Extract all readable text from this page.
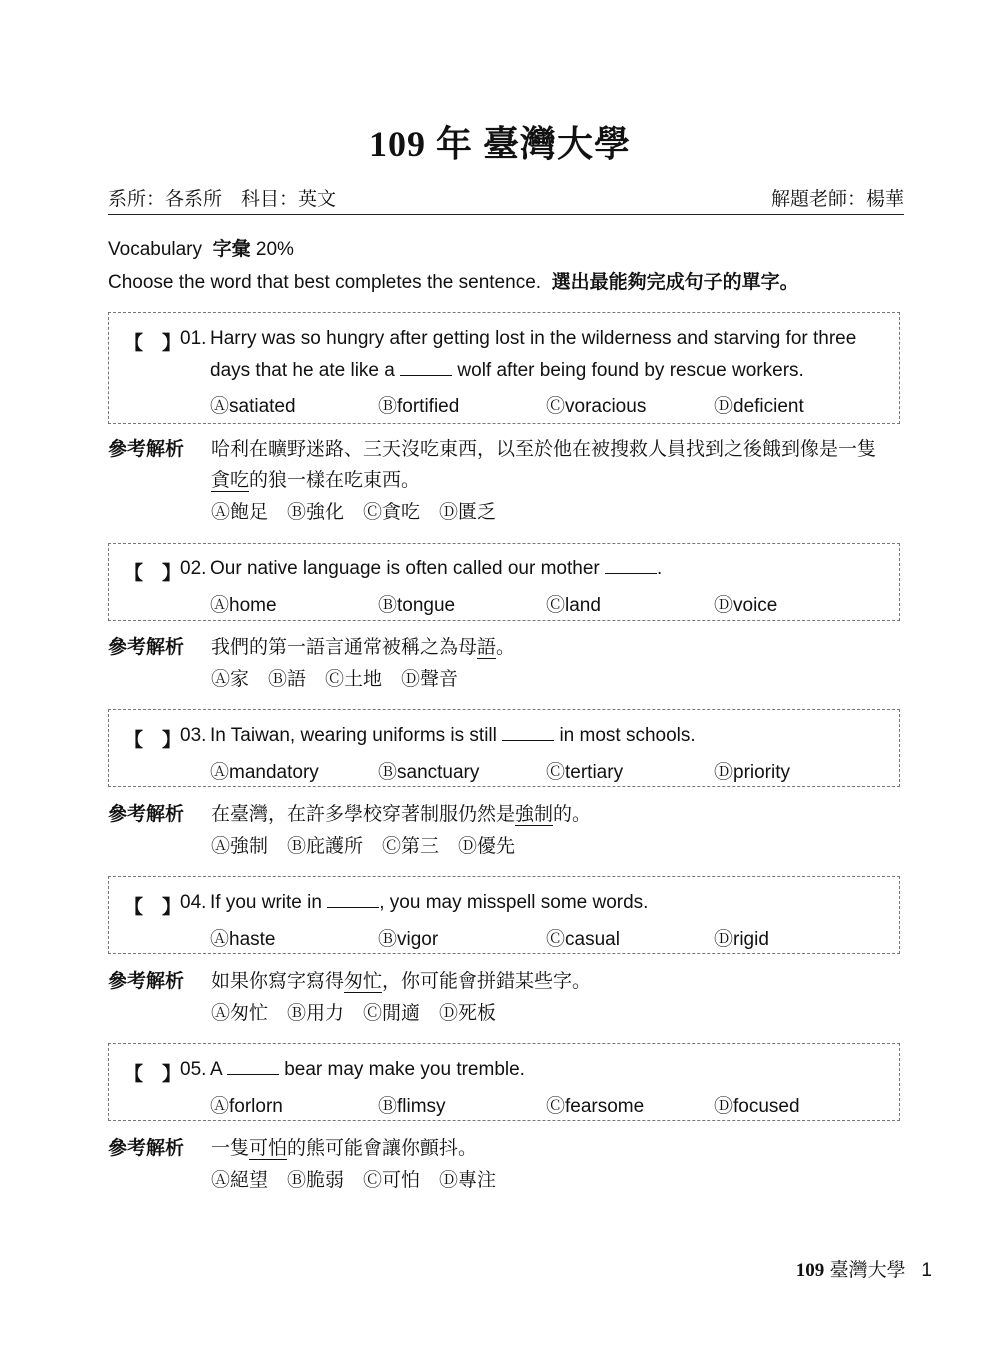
109 年 臺灣大學
系所：各系所　 科目：英文	解題老師：楊華
Vocabulary 字彙 20%
Choose the word that best completes the sentence. 選出最能夠完成句子的單字。
【　】
01. Harry was so hungry after getting lost in the wilderness and starving for three
days that he ate like a	wolf after being found by rescue workers.
Ⓐsatiated	Ⓑfortified	Ⓒvoracious	Ⓓdeficient
參考解析 哈利在曠野迷路、三天沒吃東西，以至於他在被搜救人員找到之後餓到像是一隻
貪吃的狼一樣在吃東西。
Ⓐ飽足　Ⓑ強化　Ⓒ貪吃　Ⓓ匱乏
【　】
02. Our native language is often called our mother	.
Ⓐhome	Ⓑtongue	Ⓒland	Ⓓvoice
參考解析 我們的第一語言通常被稱之為母語。
Ⓐ家　Ⓑ語　Ⓒ土地　Ⓓ聲音
【　】
03. In Taiwan, wearing uniforms is still	in most schools.
Ⓐmandatory	Ⓑsanctuary	Ⓒtertiary	Ⓓpriority
參考解析 在臺灣，在許多學校穿著制服仍然是強制的。
Ⓐ強制　Ⓑ庇護所　Ⓒ第三　Ⓓ優先
【　】
04. If you write in	, you may misspell some words.
Ⓐhaste	Ⓑvigor	Ⓒcasual	Ⓓrigid
參考解析 如果你寫字寫得匆忙，你可能會拼錯某些字。
Ⓐ匆忙　Ⓑ用力　Ⓒ閒適　Ⓓ死板
【　】
05. A	bear may make you tremble.
Ⓐforlorn	Ⓑflimsy	Ⓒfearsome	Ⓓfocused
參考解析 一隻可怕的熊可能會讓你顫抖。
Ⓐ絕望　Ⓑ脆弱　Ⓒ可怕　Ⓓ專注
109 臺灣大學 1
